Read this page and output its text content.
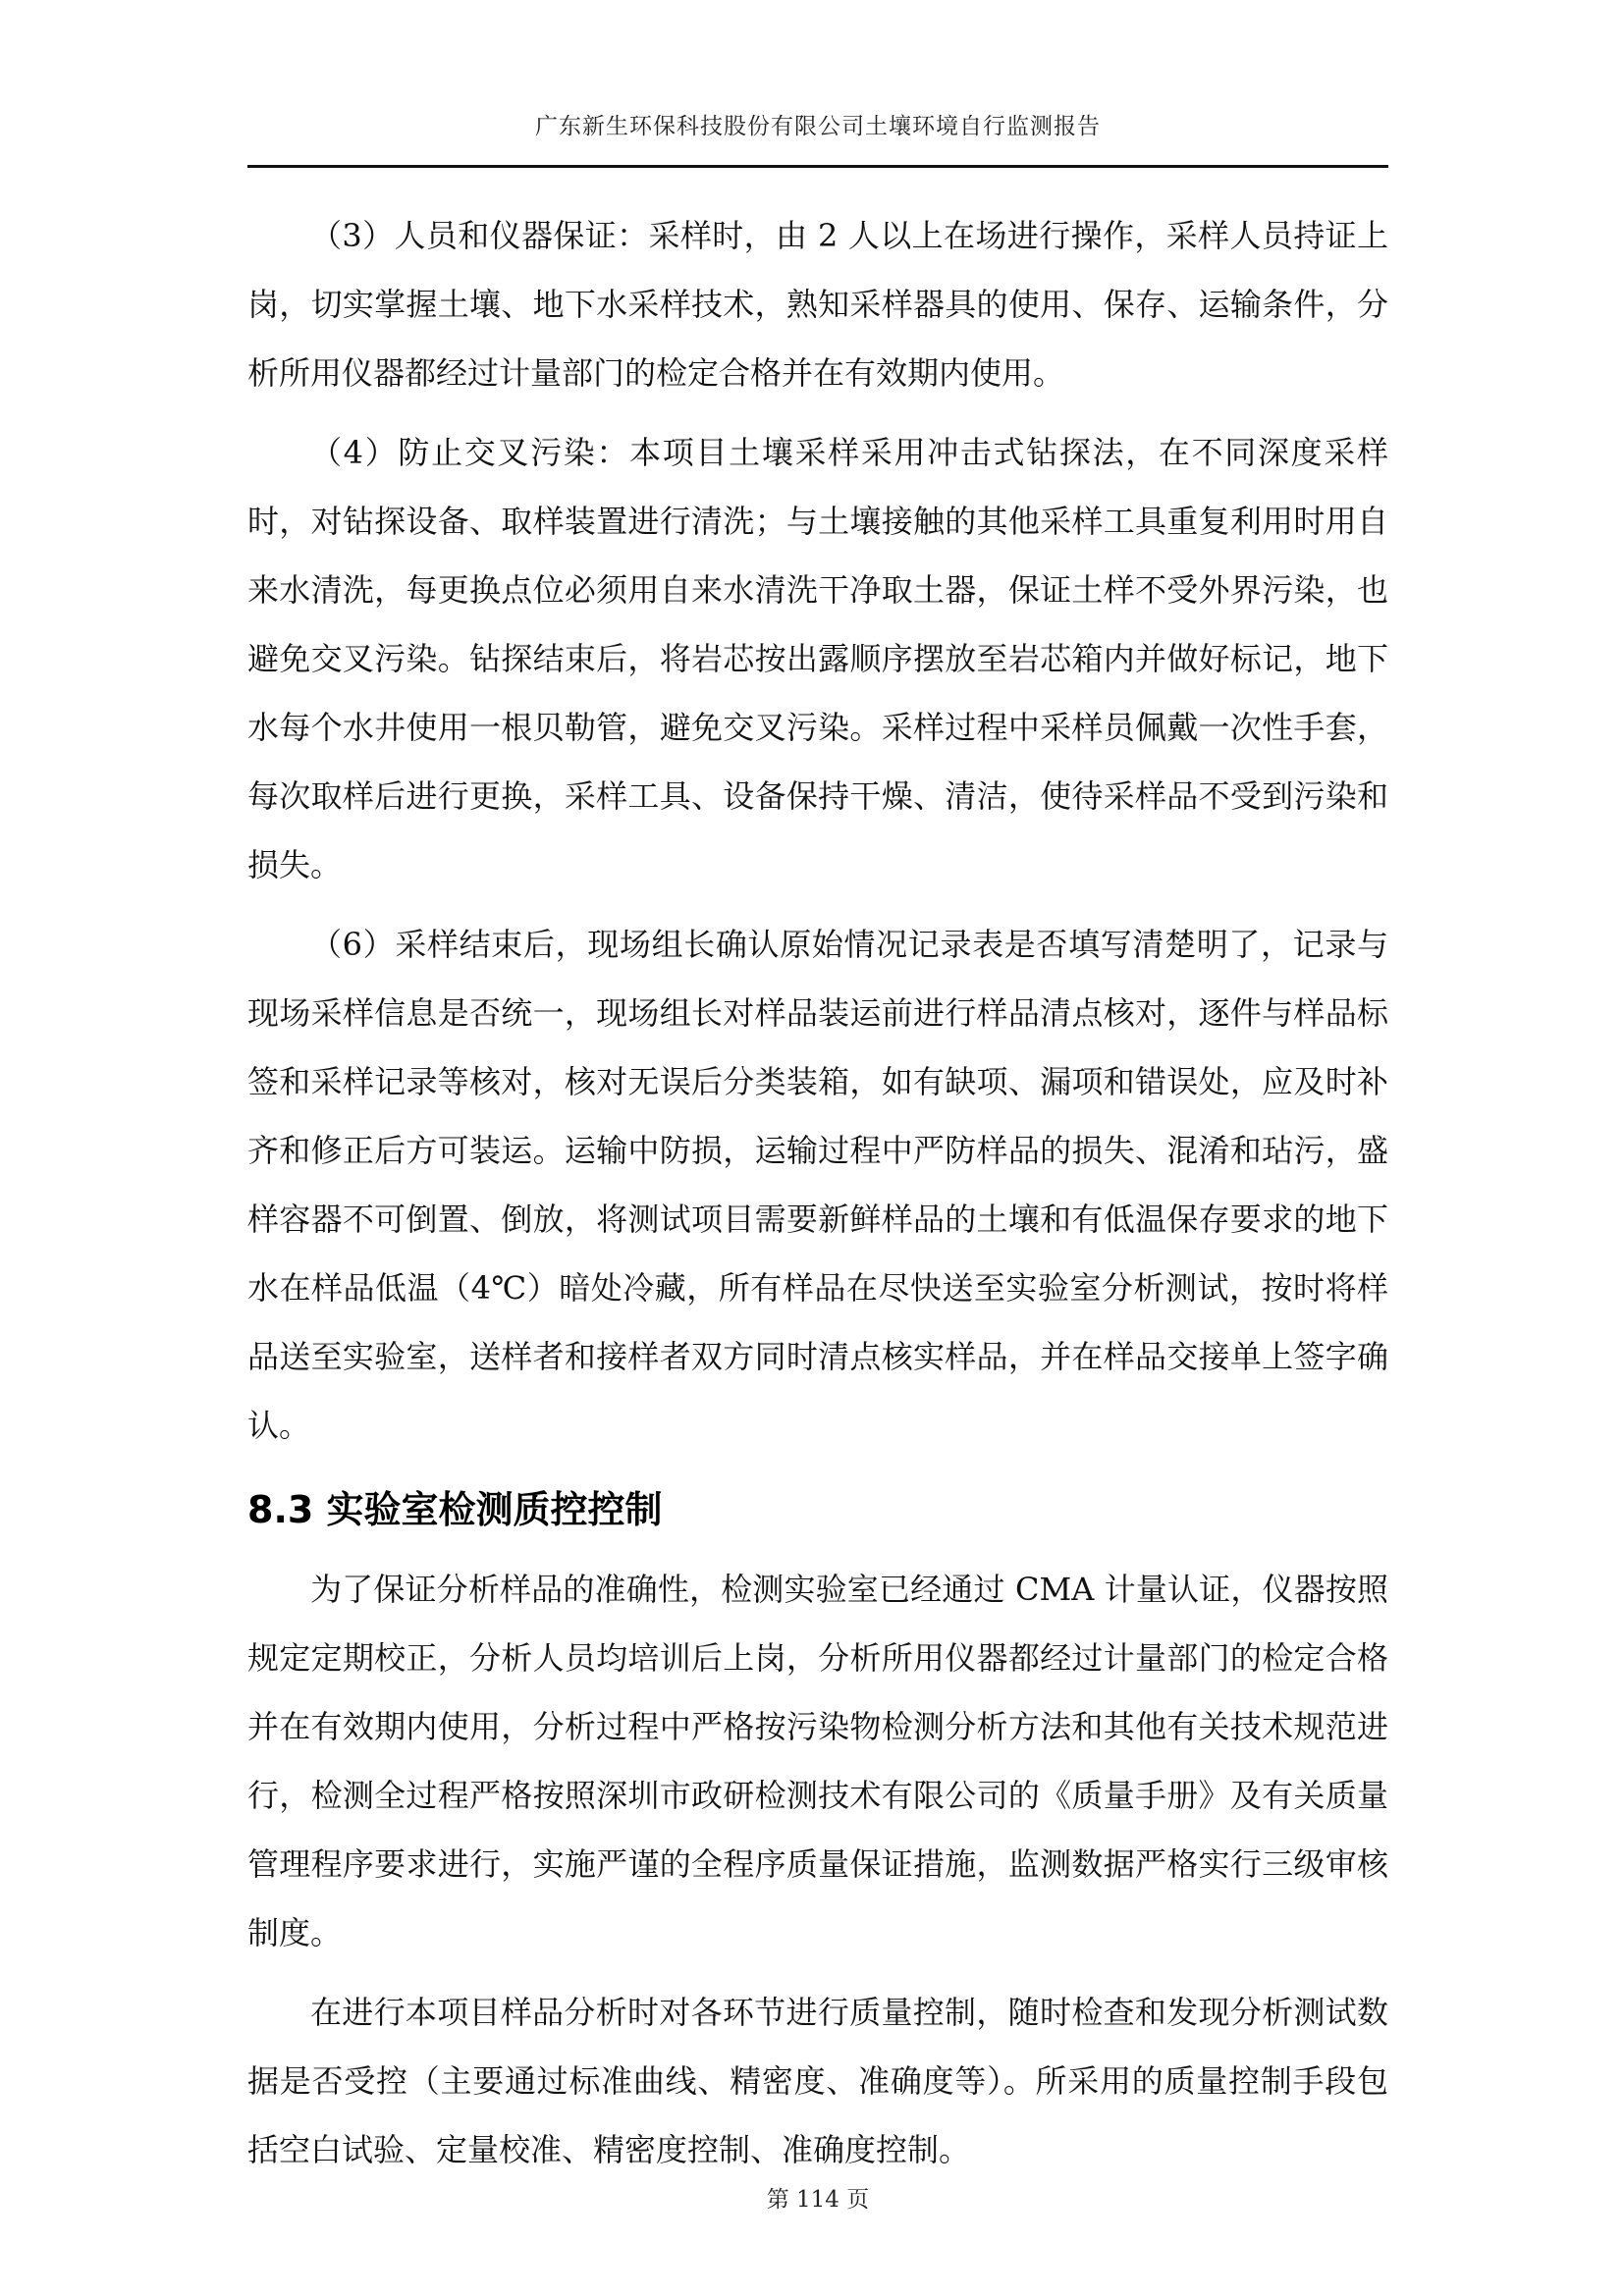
广东新生环保科技股份有限公司土壤环境自行监测报告

（3）人员和仪器保证：采样时，由 2 人以上在场进行操作，采样人员持证上岗，切实掌握土壤、地下水采样技术，熟知采样器具的使用、保存、运输条件，分析所用仪器都经过计量部门的检定合格并在有效期内使用。

（4）防止交叉污染：本项目土壤采样采用冲击式钻探法，在不同深度采样时，对钻探设备、取样装置进行清洗；与土壤接触的其他采样工具重复利用时用自来水清洗，每更换点位必须用自来水清洗干净取土器，保证土样不受外界污染，也避免交叉污染。钻探结束后，将岩芯按出露顺序摆放至岩芯箱内并做好标记，地下水每个水井使用一根贝勒管，避免交叉污染。采样过程中采样员佩戴一次性手套，每次取样后进行更换，采样工具、设备保持干燥、清洁，使待采样品不受到污染和损失。

（6）采样结束后，现场组长确认原始情况记录表是否填写清楚明了，记录与现场采样信息是否统一，现场组长对样品装运前进行样品清点核对，逐件与样品标签和采样记录等核对，核对无误后分类装箱，如有缺项、漏项和错误处，应及时补齐和修正后方可装运。运输中防损，运输过程中严防样品的损失、混淆和玷污，盛样容器不可倒置、倒放，将测试项目需要新鲜样品的土壤和有低温保存要求的地下水在样品低温（4℃）暗处冷藏，所有样品在尽快送至实验室分析测试，按时将样品送至实验室，送样者和接样者双方同时清点核实样品，并在样品交接单上签字确认。

8.3 实验室检测质控控制

为了保证分析样品的准确性，检测实验室已经通过 CMA 计量认证，仪器按照规定定期校正，分析人员均培训后上岗，分析所用仪器都经过计量部门的检定合格并在有效期内使用，分析过程中严格按污染物检测分析方法和其他有关技术规范进行，检测全过程严格按照深圳市政研检测技术有限公司的《质量手册》及有关质量管理程序要求进行，实施严谨的全程序质量保证措施，监测数据严格实行三级审核制度。

在进行本项目样品分析时对各环节进行质量控制，随时检查和发现分析测试数据是否受控（主要通过标准曲线、精密度、准确度等）。所采用的质量控制手段包括空白试验、定量校准、精密度控制、准确度控制。

第 114 页
